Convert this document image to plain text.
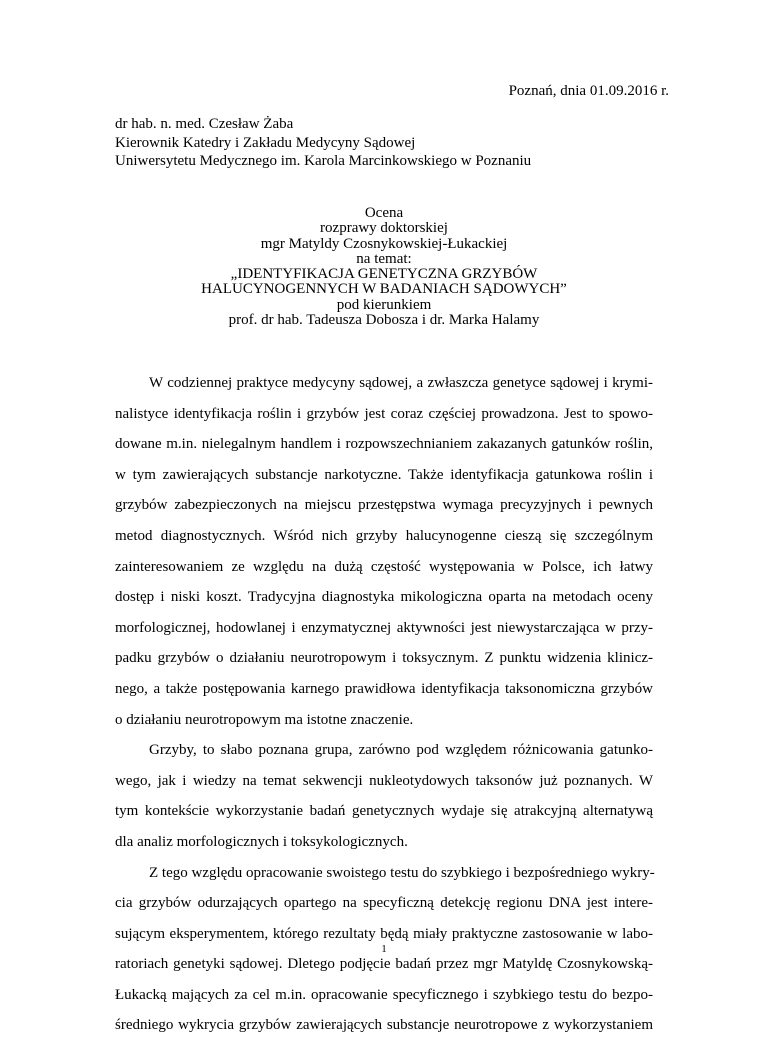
Poznań, dnia 01.09.2016 r.
dr hab. n. med. Czesław Żaba
Kierownik Katedry i Zakładu Medycyny Sądowej
Uniwersytetu Medycznego im. Karola Marcinkowskiego w Poznaniu
Ocena
rozprawy doktorskiej
mgr Matyldy Czosnykowskiej-Łukackiej
na temat:
„IDENTYFIKACJA GENETYCZNA GRZYBÓW
HALUCYNOGENNYCH W BADANIACH SĄDOWYCH”
pod kierunkiem
prof. dr hab. Tadeusza Dobosza i dr. Marka Halamy
W codziennej praktyce medycyny sądowej, a zwłaszcza genetyce sądowej i krymi-
nalistyce identyfikacja roślin i grzybów jest coraz częściej prowadzona. Jest to spowo-
dowane m.in. nielegalnym handlem i rozpowszechnianiem zakazanych gatunków roślin,
w tym zawierających substancje narkotyczne. Także identyfikacja gatunkowa roślin i
grzybów zabezpieczonych na miejscu przestępstwa wymaga precyzyjnych i pewnych
metod diagnostycznych. Wśród nich grzyby halucynogenne cieszą się szczególnym
zainteresowaniem ze względu na dużą częstość występowania w Polsce, ich łatwy
dostęp i niski koszt. Tradycyjna diagnostyka mikologiczna oparta na metodach oceny
morfologicznej, hodowlanej i enzymatycznej aktywności jest niewystarczająca w przy-
padku grzybów o działaniu neurotropowym i toksycznym. Z punktu widzenia klinicz-
nego, a także postępowania karnego prawidłowa identyfikacja taksonomiczna grzybów
o działaniu neurotropowym ma istotne znaczenie.
Grzyby, to słabo poznana grupa, zarówno pod względem różnicowania gatunko-
wego, jak i wiedzy na temat sekwencji nukleotydowych taksonów już poznanych. W
tym kontekście wykorzystanie badań genetycznych wydaje się atrakcyjną alternatywą
dla analiz morfologicznych i toksykologicznych.
Z tego względu opracowanie swoistego testu do szybkiego i bezpośredniego wykry-
cia grzybów odurzających opartego na specyficzną detekcję regionu DNA jest intere-
sującym eksperymentem, którego rezultaty będą miały praktyczne zastosowanie w labo-
ratoriach genetyki sądowej. Dletego podjęcie badań przez mgr Matyldę Czosnykowską-
Łukacką mających za cel m.in. opracowanie specyficznego i szybkiego testu do bezpo-
średniego wykrycia grzybów zawierających substancje neurotropowe z wykorzystaniem
1
